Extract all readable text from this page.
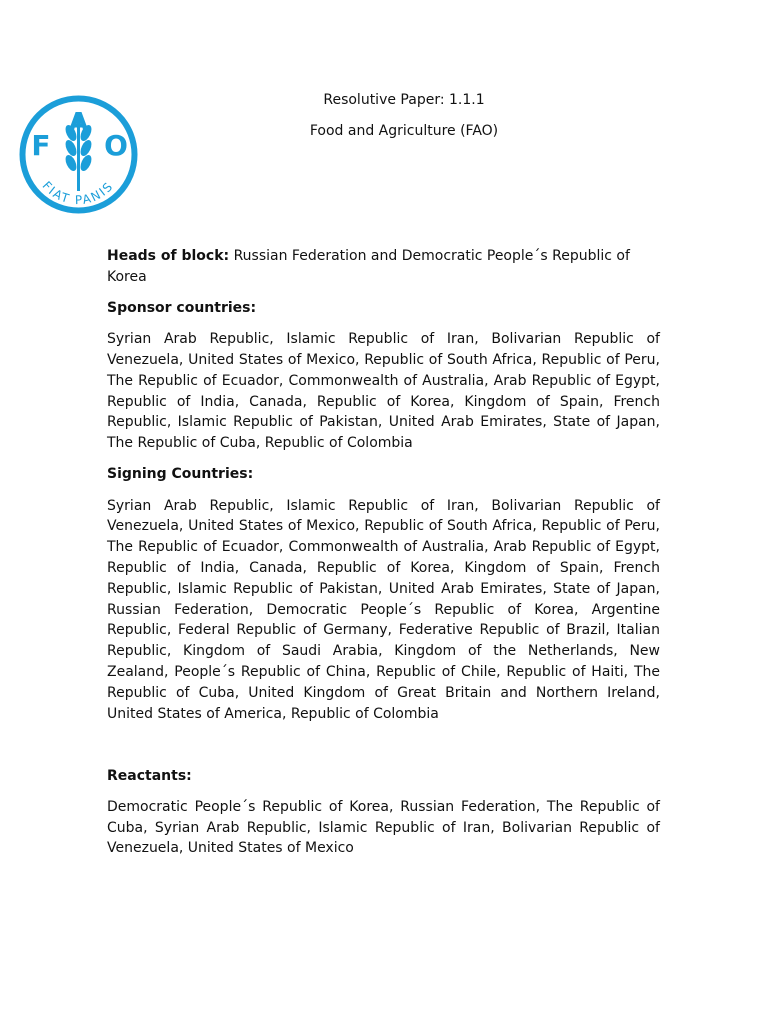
F
A
O
FIAT PANIS
Resolutive Paper: 1.1.1
Food and Agriculture (FAO)

Heads of block: Russian Federation and Democratic People´s Republic of Korea

Sponsor countries:

Syrian Arab Republic, Islamic Republic of Iran, Bolivarian Republic of Venezuela, United States of Mexico, Republic of South Africa, Republic of Peru, The Republic of Ecuador, Commonwealth of Australia, Arab Republic of Egypt, Republic of India, Canada, Republic of Korea, Kingdom of Spain, French Republic, Islamic Republic of Pakistan, United Arab Emirates, State of Japan, The Republic of Cuba, Republic of Colombia

Signing Countries:

Syrian Arab Republic, Islamic Republic of Iran, Bolivarian Republic of Venezuela, United States of Mexico, Republic of South Africa, Republic of Peru, The Republic of Ecuador, Commonwealth of Australia, Arab Republic of Egypt, Republic of India, Canada, Republic of Korea, Kingdom of Spain, French Republic, Islamic Republic of Pakistan, United Arab Emirates, State of Japan, Russian Federation, Democratic People´s Republic of Korea, Argentine Republic, Federal Republic of Germany, Federative Republic of Brazil, Italian Republic, Kingdom of Saudi Arabia, Kingdom of the Netherlands, New Zealand, People´s Republic of China, Republic of Chile, Republic of Haiti, The Republic of Cuba, United Kingdom of Great Britain and Northern Ireland, United States of America, Republic of Colombia

Reactants:

Democratic People´s Republic of Korea, Russian Federation, The Republic of Cuba, Syrian Arab Republic, Islamic Republic of Iran, Bolivarian Republic of Venezuela, United States of Mexico
